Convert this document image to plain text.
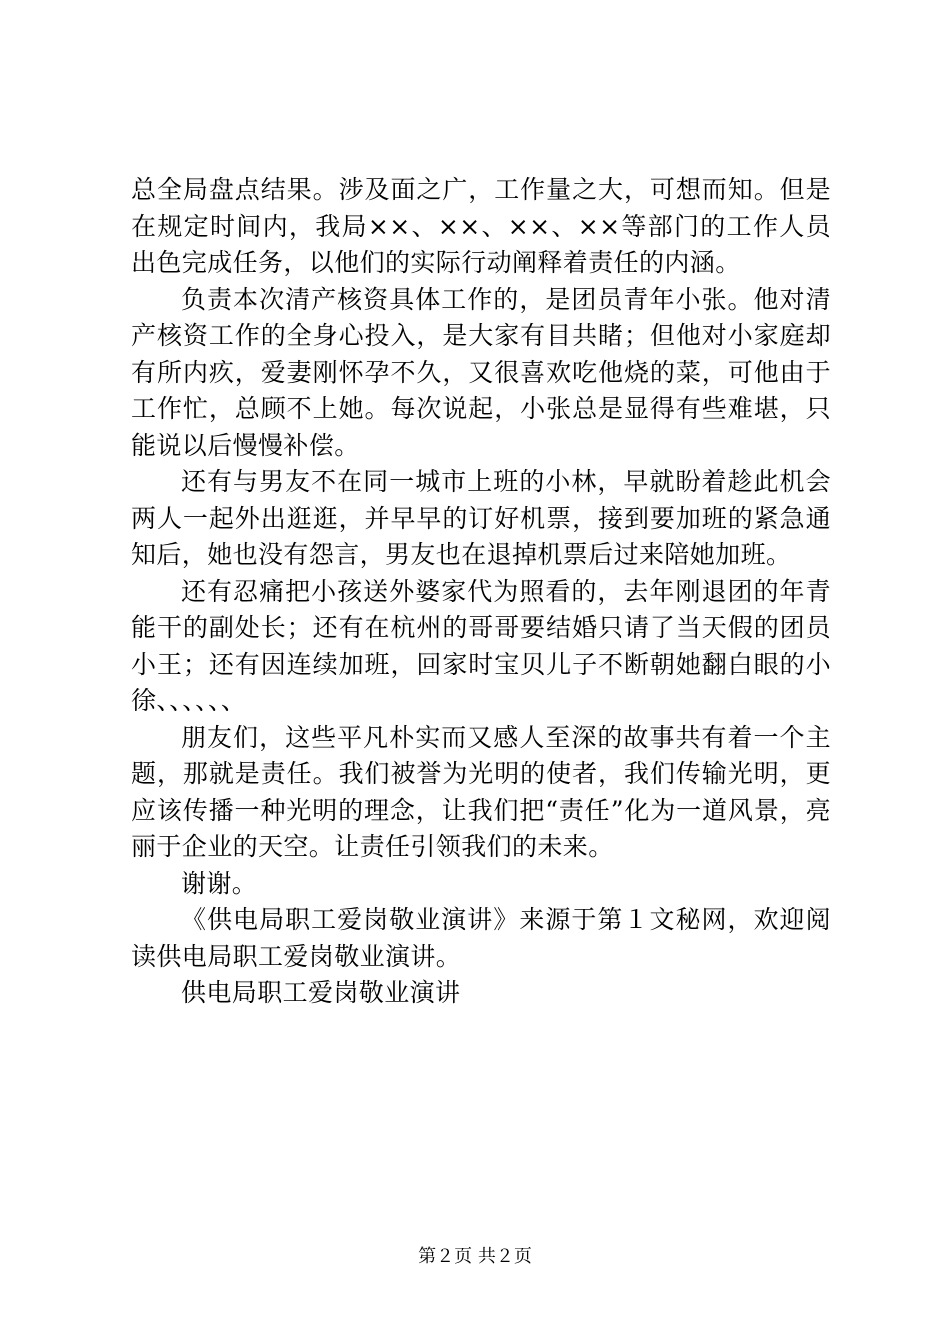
总全局盘点结果。涉及面之广，工作量之大，可想而知。但是在规定时间内，我局××、××、××、××等部门的工作人员出色完成任务，以他们的实际行动阐释着责任的内涵。

负责本次清产核资具体工作的，是团员青年小张。他对清产核资工作的全身心投入，是大家有目共睹；但他对小家庭却有所内疚，爱妻刚怀孕不久，又很喜欢吃他烧的菜，可他由于工作忙，总顾不上她。每次说起，小张总是显得有些难堪，只能说以后慢慢补偿。

还有与男友不在同一城市上班的小林，早就盼着趁此机会两人一起外出逛逛，并早早的订好机票，接到要加班的紧急通知后，她也没有怨言，男友也在退掉机票后过来陪她加班。

还有忍痛把小孩送外婆家代为照看的，去年刚退团的年青能干的副处长；还有在杭州的哥哥要结婚只请了当天假的团员小王；还有因连续加班，回家时宝贝儿子不断朝她翻白眼的小徐、、、、、、

朋友们，这些平凡朴实而又感人至深的故事共有着一个主题，那就是责任。我们被誉为光明的使者，我们传输光明，更应该传播一种光明的理念，让我们把“责任”化为一道风景，亮丽于企业的天空。让责任引领我们的未来。

谢谢。

《供电局职工爱岗敬业演讲》来源于第１文秘网，欢迎阅读供电局职工爱岗敬业演讲。

供电局职工爱岗敬业演讲

第２页 共２页
